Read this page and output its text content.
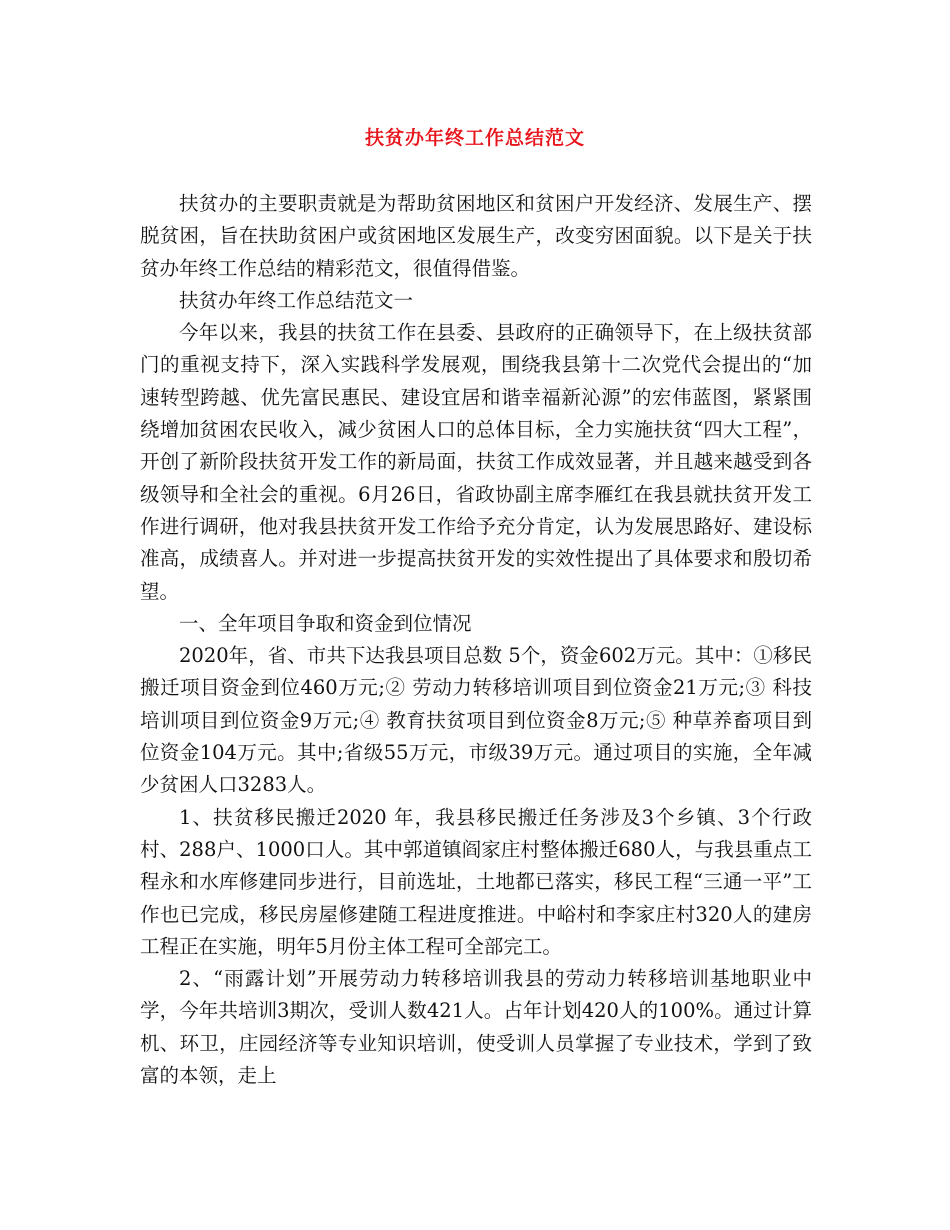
扶贫办年终工作总结范文

扶贫办的主要职责就是为帮助贫困地区和贫困户开发经济、发展生产、摆脱贫困，旨在扶助贫困户或贫困地区发展生产，改变穷困面貌。以下是关于扶贫办年终工作总结的精彩范文，很值得借鉴。

扶贫办年终工作总结范文一

今年以来，我县的扶贫工作在县委、县政府的正确领导下，在上级扶贫部门的重视支持下，深入实践科学发展观，围绕我县第十二次党代会提出的“加速转型跨越、优先富民惠民、建设宜居和谐幸福新沁源”的宏伟蓝图，紧紧围绕增加贫困农民收入，减少贫困人口的总体目标，全力实施扶贫“四大工程”，开创了新阶段扶贫开发工作的新局面，扶贫工作成效显著，并且越来越受到各级领导和全社会的重视。6月26日，省政协副主席李雁红在我县就扶贫开发工作进行调研，他对我县扶贫开发工作给予充分肯定，认为发展思路好、建设标准高，成绩喜人。并对进一步提高扶贫开发的实效性提出了具体要求和殷切希望。

一、全年项目争取和资金到位情况

2020年，省、市共下达我县项目总数 5个，资金602万元。其中：①移民搬迁项目资金到位460万元;② 劳动力转移培训项目到位资金21万元;③ 科技培训项目到位资金9万元;④ 教育扶贫项目到位资金8万元;⑤ 种草养畜项目到位资金104万元。其中;省级55万元，市级39万元。通过项目的实施，全年减少贫困人口3283人。

1、扶贫移民搬迁2020 年，我县移民搬迁任务涉及3个乡镇、3个行政村、288户、1000口人。其中郭道镇阎家庄村整体搬迁680人，与我县重点工程永和水库修建同步进行，目前选址，土地都已落实，移民工程“三通一平”工作也已完成，移民房屋修建随工程进度推进。中峪村和李家庄村320人的建房工程正在实施，明年5月份主体工程可全部完工。

2、“雨露计划”开展劳动力转移培训我县的劳动力转移培训基地职业中学，今年共培训3期次，受训人数421人。占年计划420人的100%。通过计算机、环卫，庄园经济等专业知识培训，使受训人员掌握了专业技术，学到了致富的本领，走上
